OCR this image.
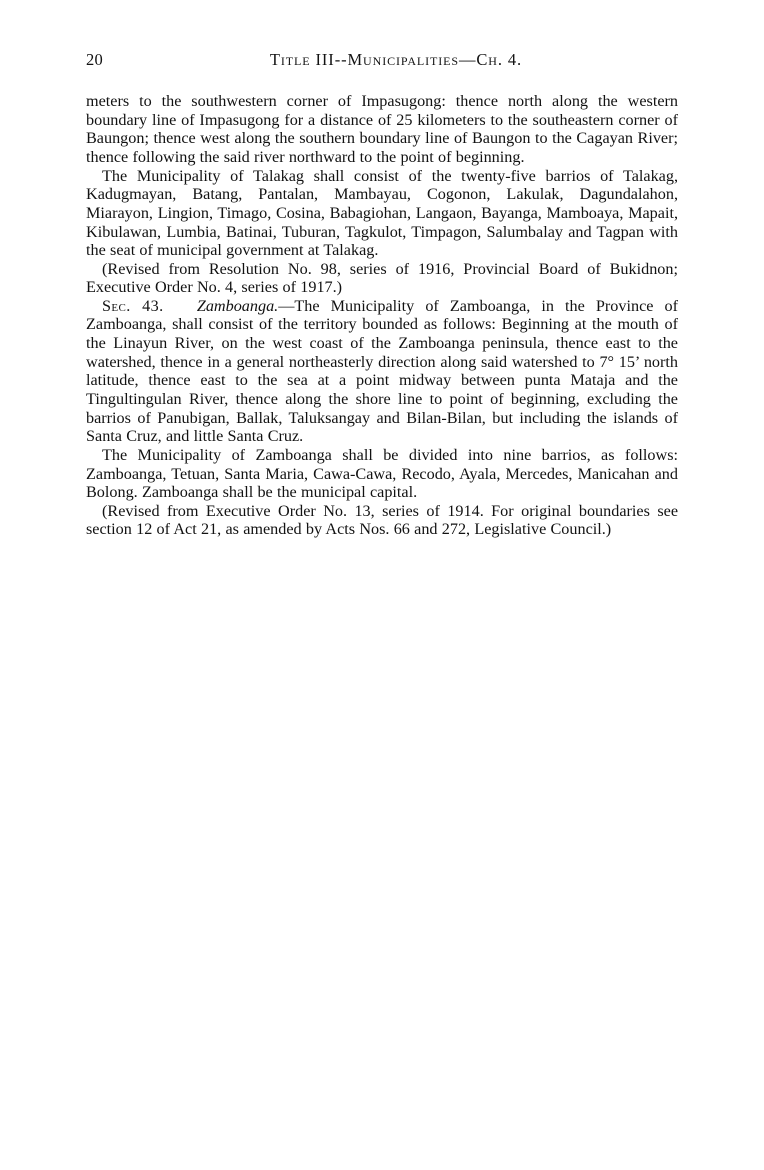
20	Title III--Municipalities—Ch. 4.

meters to the southwestern corner of Impasugong: thence north along the western boundary line of Impasugong for a distance of 25 kilometers to the southeastern corner of Baungon; thence west along the southern boundary line of Baungon to the Cagayan River; thence following the said river northward to the point of beginning.

The Municipality of Talakag shall consist of the twenty-five barrios of Talakag, Kadugmayan, Batang, Pantalan, Mambayau, Cogonon, Lakulak, Dagundalahon, Miarayon, Lingion, Timago, Cosina, Babagiohan, Langaon, Bayanga, Mamboaya, Mapait, Kibulawan, Lumbia, Batinai, Tuburan, Tagkulot, Timpagon, Salumbalay and Tagpan with the seat of municipal government at Talakag.

(Revised from Resolution No. 98, series of 1916, Provincial Board of Bukidnon; Executive Order No. 4, series of 1917.)

Sec. 43. Zamboanga.—The Municipality of Zamboanga, in the Province of Zamboanga, shall consist of the territory bounded as follows: Beginning at the mouth of the Linayun River, on the west coast of the Zamboanga peninsula, thence east to the watershed, thence in a general northeasterly direction along said watershed to 7° 15’ north latitude, thence east to the sea at a point midway between punta Mataja and the Tingultingulan River, thence along the shore line to point of beginning, excluding the barrios of Panubigan, Ballak, Taluksangay and Bilan-Bilan, but including the islands of Santa Cruz, and little Santa Cruz.

The Municipality of Zamboanga shall be divided into nine barrios, as follows: Zamboanga, Tetuan, Santa Maria, Cawa-Cawa, Recodo, Ayala, Mercedes, Manicahan and Bolong. Zamboanga shall be the municipal capital.

(Revised from Executive Order No. 13, series of 1914. For original boundaries see section 12 of Act 21, as amended by Acts Nos. 66 and 272, Legislative Council.)
